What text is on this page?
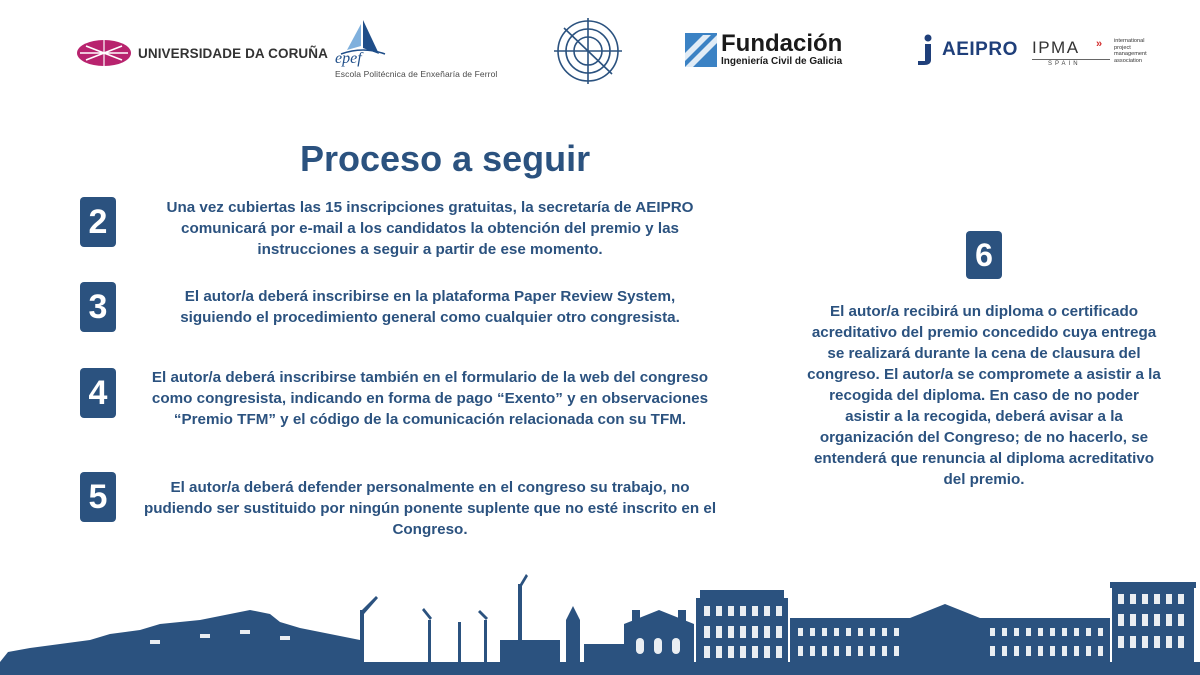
UNIVERSIDADE DA CORUÑA epef
Escola Politécnica de Enxeñaría de Ferrol
Fundación
Ingeniería Civil de Galicia
AEIPRO IPMA »
SPAIN
international project management association
Proceso a seguir
2	Una vez cubiertas las 15 inscripciones gratuitas, la secretaría de AEIPRO comunicará por e-mail a los candidatos la obtención del premio y las instrucciones a seguir a partir de ese momento.

3	El autor/a deberá inscribirse en la plataforma Paper Review System, siguiendo el procedimiento general como cualquier otro congresista.

4	El autor/a deberá inscribirse también en el formulario de la web del congreso como congresista, indicando en forma de pago “Exento” y en observaciones “Premio TFM” y el código de la comunicación relacionada con su TFM.

5	El autor/a deberá defender personalmente en el congreso su trabajo, no pudiendo ser sustituido por ningún ponente suplente que no esté inscrito en el Congreso.

6

El autor/a recibirá un diploma o certificado acreditativo del premio concedido cuya entrega se realizará durante la cena de clausura del congreso. El autor/a se compromete a asistir a la recogida del diploma. En caso de no poder asistir a la recogida, deberá avisar a la organización del Congreso; de no hacerlo, se entenderá que renuncia al diploma acreditativo del premio.
